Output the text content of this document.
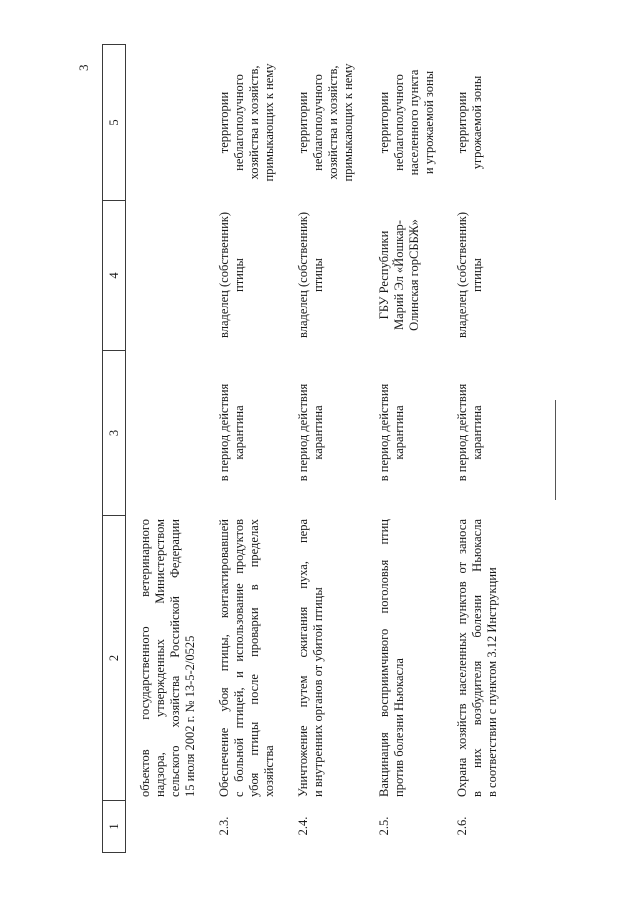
3
1
2
3
4
5
объектов государственного ветеринарного надзора, утвержденных Министерством сельского хозяйства Российской Федерации 15 июля 2002 г. № 13-5-2/0525
2.3.
Обеспечение убоя птицы, контактировавшей с больной птицей, и использование продуктов убоя птицы после проварки в пределах хозяйства
в период действия карантина
владелец (собственник) птицы
территории неблагополучного хозяйства и хозяйств, примыкающих к нему
2.4.
Уничтожение путем сжигания пуха, пера и внутренних органов от убитой птицы
в период действия карантина
владелец (собственник) птицы
территории неблагополучного хозяйства и хозяйств, примыкающих к нему
2.5.
Вакцинация восприимчивого поголовья птиц против болезни Ньюкасла
в период действия карантина
ГБУ Республики Марий Эл «Йошкар- Олинская горСББЖ»
территории неблагополучного населенного пункта и угрожаемой зоны
2.6.
Охрана хозяйств населенных пунктов от заноса в них возбудителя болезни Ньюкасла в соответствии с пунктом 3.12 Инструкции
в период действия карантина
владелец (собственник) птицы
территории угрожаемой зоны
